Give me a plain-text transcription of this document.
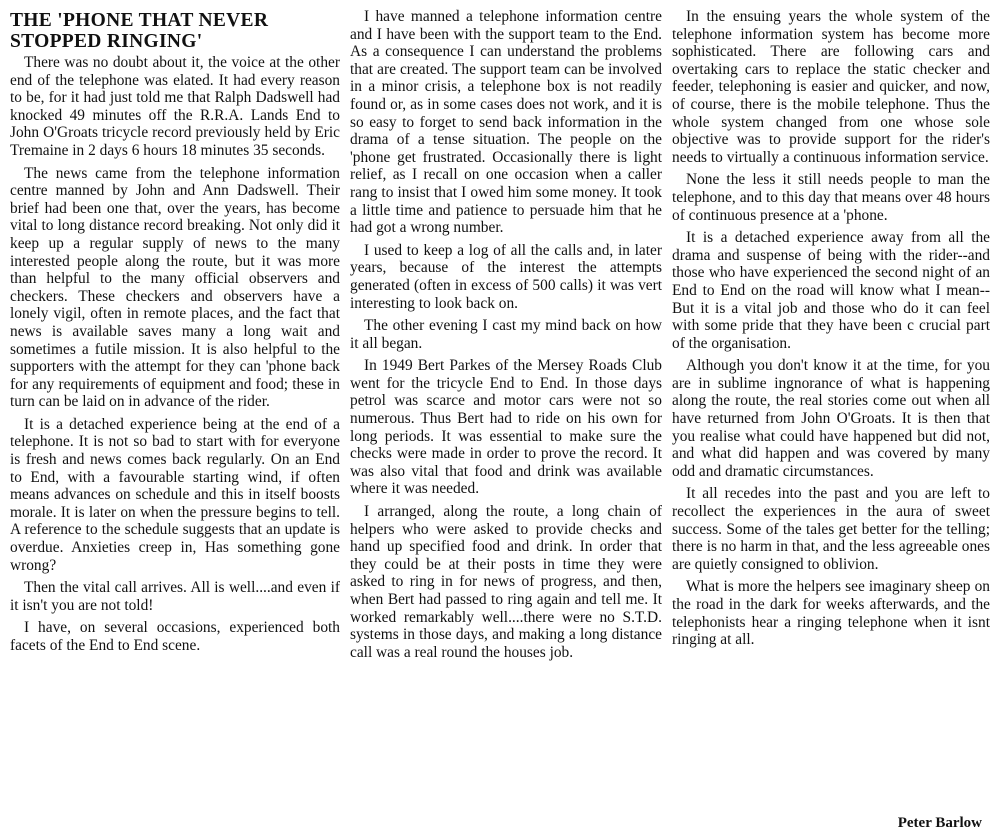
THE 'PHONE THAT NEVER STOPPED RINGING'

There was no doubt about it, the voice at the other end of the telephone was elated. It had every reason to be, for it had just told me that Ralph Dadswell had knocked 49 minutes off the R.R.A. Lands End to John O'Groats tricycle record previously held by Eric Tremaine in 2 days 6 hours 18 minutes 35 seconds.

The news came from the telephone information centre manned by John and Ann Dadswell. Their brief had been one that, over the years, has become vital to long distance record breaking. Not only did it keep up a regular supply of news to the many interested people along the route, but it was more than helpful to the many official observers and checkers. These checkers and observers have a lonely vigil, often in remote places, and the fact that news is available saves many a long wait and sometimes a futile mission. It is also helpful to the supporters with the attempt for they can 'phone back for any requirements of equipment and food; these in turn can be laid on in advance of the rider.

It is a detached experience being at the end of a telephone. It is not so bad to start with for everyone is fresh and news comes back regularly. On an End to End, with a favourable starting wind, if often means advances on schedule and this in itself boosts morale. It is later on when the pressure begins to tell. A reference to the schedule suggests that an update is overdue. Anxieties creep in, Has something gone wrong?

Then the vital call arrives. All is well....and even if it isn't you are not told!

I have, on several occasions, experienced both facets of the End to End scene.

I have manned a telephone information centre and I have been with the support team to the End. As a consequence I can understand the problems that are created. The support team can be involved in a minor crisis, a telephone box is not readily found or, as in some cases does not work, and it is so easy to forget to send back information in the drama of a tense situation. The people on the 'phone get frustrated. Occasionally there is light relief, as I recall on one occasion when a caller rang to insist that I owed him some money. It took a little time and patience to persuade him that he had got a wrong number.

I used to keep a log of all the calls and, in later years, because of the interest the attempts generated (often in excess of 500 calls) it was vert interesting to look back on.

The other evening I cast my mind back on how it all began.

In 1949 Bert Parkes of the Mersey Roads Club went for the tricycle End to End. In those days petrol was scarce and motor cars were not so numerous. Thus Bert had to ride on his own for long periods. It was essential to make sure the checks were made in order to prove the record. It was also vital that food and drink was available where it was needed.

I arranged, along the route, a long chain of helpers who were asked to provide checks and hand up specified food and drink. In order that they could be at their posts in time they were asked to ring in for news of progress, and then, when Bert had passed to ring again and tell me. It worked remarkably well....there were no S.T.D. systems in those days, and making a long distance call was a real round the houses job.

In the ensuing years the whole system of the telephone information system has become more sophisticated. There are following cars and overtaking cars to replace the static checker and feeder, telephoning is easier and quicker, and now, of course, there is the mobile telephone. Thus the whole system changed from one whose sole objective was to provide support for the rider's needs to virtually a continuous information service.

None the less it still needs people to man the telephone, and to this day that means over 48 hours of continuous presence at a 'phone.

It is a detached experience away from all the drama and suspense of being with the rider--and those who have experienced the second night of an End to End on the road will know what I mean--But it is a vital job and those who do it can feel with some pride that they have been c crucial part of the organisation.

Although you don't know it at the time, for you are in sublime ingnorance of what is happening along the route, the real stories come out when all have returned from John O'Groats. It is then that you realise what could have happened but did not, and what did happen and was covered by many odd and dramatic circumstances.

It all recedes into the past and you are left to recollect the experiences in the aura of sweet success. Some of the tales get better for the telling; there is no harm in that, and the less agreeable ones are quietly consigned to oblivion.

What is more the helpers see imaginary sheep on the road in the dark for weeks afterwards, and the telephonists hear a ringing telephone when it isnt ringing at all.

Peter Barlow
